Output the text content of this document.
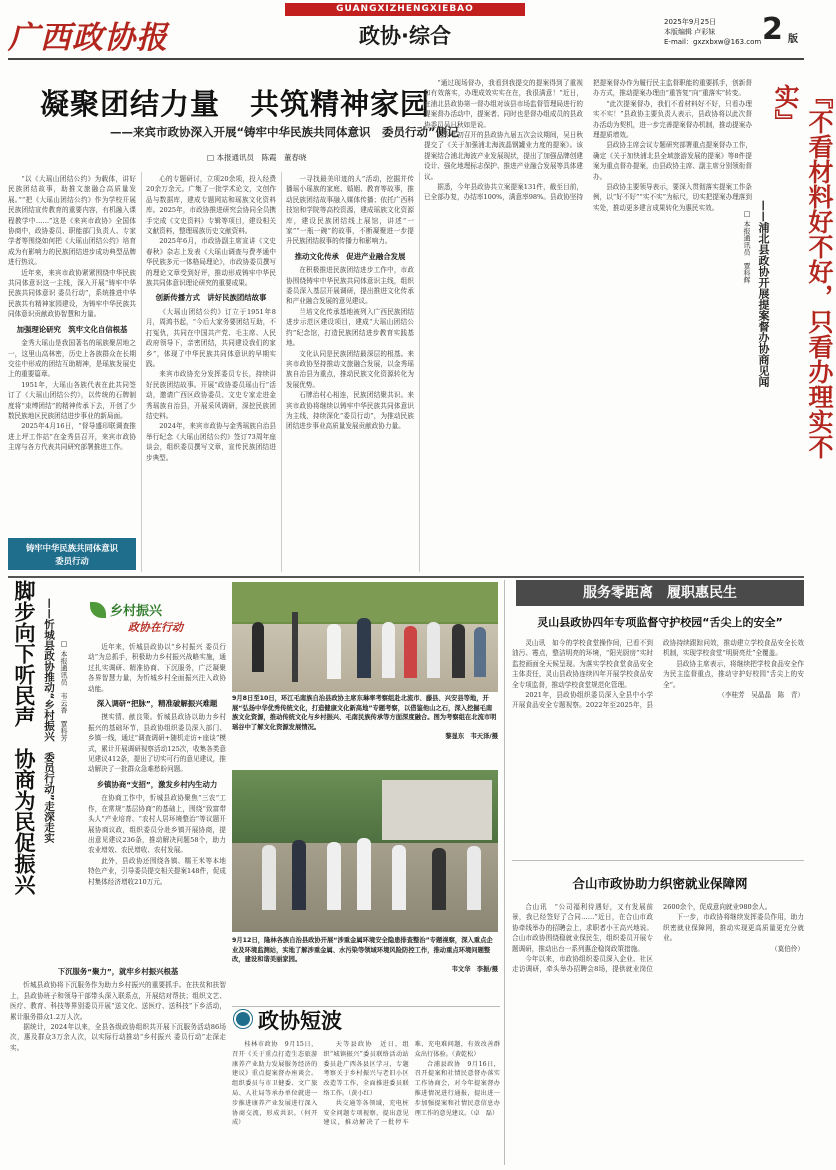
广西政协报
GUANGXIZHENGXIEBAO
政协·综合
2025年9月25日
本版编辑 卢彩妹
E-mail：gxzxbxw@163.com 2 版
凝聚团结力量　共筑精神家园
——来宾市政协深入开展“铸牢中华民族共同体意识　委员行动”侧记
□ 本报通讯员　陈霞　董春晓

“以《大瑶山团结公约》为载体，讲好民族团结故事，助推文旅融合高质量发展。”“把《大瑶山团结公约》作为学校开展民族团结宣传教育的重要内容，有机融入课程教学中……”这是《来宾市政协》全国体协商中，政协委员、职能部门负责人、专家学者等围绕如何把《大瑶山团结公约》培育成为有影响力的民族团结进步成功典型品牌进行热议。

近年来，来宾市政协紧紧围绕中华民族共同体意识这一主线，深入开展“铸牢中华民族共同体意识 委员行动”，系统推进中华民族共有精神家园建设，为铸牢中华民族共同体意识贡献政协智慧和力量。

加强理论研究　筑牢文化自信根基

金秀大瑶山是我国著名的瑶族聚居地之一，这里山高林密，历史上各族群众在长期交往中形成的团结互助精神，是瑶族发展史上的重要篇章。

1951年，大瑶山各族代表在此共同签订了《大瑶山团结公约》，以传统的石牌制度将“束缚团结”的精神传承下去，开创了少数民族地区民族团结进步事业的新局面。

2025年4月16日，“督导盛印联调查推进上坪工作站”在金秀县召开，来宾市政协主席与各方代表共同研究部署推进工作。

铸牢中华民族共同体意识
委员行动

心的专题研讨，立项20余项，投入经费20余万余元。广集了一批学术论文，文创作品与数据库，建成专题网站和瑶族文化资料库。2025年，市政协推进研究会协同全员携手完成《文史资料》专辑等项目，建设相关文献资料，整理瑶族历史文献资料。

2025年6月，市政协副主席宣讲《文史春秋》杂志上发表《大瑶山调查与费孝通中华民族多元一体格局理论》，市政协委员撰写的理论文章受到好评，推动形成铸牢中华民族共同体意识理论研究的重要成果。

创新传播方式　讲好民族团结故事

《大瑶山团结公约》订立于1951年8月，周鸿书起，“今后大家务要团结互助，不打冤仇，共同在中国共产党、毛主席、人民政府领导下，亲密团结，共同建设我们的家乡”，体现了中华民族共同体意识的早期实践。

来宾市政协充分发挥委员专长，持续讲好民族团结故事。开展“政协委员瑶山行”活动，邀请广西区政协委员、文史专家走进金秀瑶族自治县，开展采风调研，深挖民族团结史料。

2024年，来宾市政协与金秀瑶族自治县举行纪念《大瑶山团结公约》签订73周年座谈会，组织委员撰写文章，宣传民族团结进步典型。

一寻找最美印迹的人”活动，挖掘并传播瑶小瑶族的家庭、婚姻、教育等故事，推动民族团结故事融入媒体传播；依托广西科技馆和学院等高校资源，建成瑶族文化资源库，建设民族团结线上展馆，讲述“一家”“一瓶一碗”的故事，不断凝聚进一步提升民族团结叙事的传播力和影响力。

推动文化传承　促进产业融合发展

在积极推进民族团结进步工作中，市政协围绕铸牢中华民族共同体意识主线，组织委员深入基层开展调研，提出推进文化传承和产业融合发展的意见建议。

兰培文化传承基地被列入广西民族团结进步示范区建设项目，建成“大瑶山团结公约”纪念馆，打造民族团结进步教育实践基地。

文化认同是民族团结最深层的根基。来宾市政协坚持推动文旅融合发展，以金秀瑶族自治县为重点，推动民族文化资源转化为发展优势。

石牌治村心相连，民族团结聚共识。来宾市政协将继续以铸牢中华民族共同体意识为主线，持续深化“委员行动”，为推动民族团结进步事业高质量发展贡献政协力量。

“通过现场督办，我看到我提交的提案得到了重视和有效落实，办理成效实实在在，我很满意！”近日，在浦北县政协第一督办组对该县市场监督管理局进行的提案督办活动中，提案者、同时也是督办组成员的县政协委员吴日秋如是说。

在今年初召开的县政协九届五次会议期间，吴日秋提交了《关于加强浦北海波晶钢罐业力度的提案》。该提案结合浦北海波产业发展现状，提出了加强品牌创建设计、强化地理标志保护、推进产业融合发展等具体建议。

据悉，今年县政协共立案提案131件，截至目前，已全部办复，办结率100%，满意率98%。县政协坚持把提案督办作为履行民主监督职能的重要抓手，创新督办方式，推动提案办理由“重答复”向“重落实”转变。

“此次提案督办，我们不看材料好不好，只看办理实不实！”县政协主要负责人表示，县政协将以此次督办活动为契机，进一步完善提案督办机制，推动提案办理提质增效。

县政协主席会议专题研究部署重点提案督办工作，确定《关于加快浦北县全域旅游发展的提案》等8件提案为重点督办提案，由县政协主席、副主席分别领衔督办。

县政协主要领导表示，要深入贯彻落实提案工作条例，以“好不好”“实不实”为标尺，切实把提案办理落到实处，推动更多建言成果转化为惠民实效。	『不看材料好不好，只看办理实不实』
——浦北县政协开展提案督办协商见闻
□ 本报通讯员　覃科辉
脚步向下听民声　协商为民促振兴 ——忻城县政协推动“乡村振兴　委员行动”走深走实 □ 本报通讯员　韦云香　覃科芳
乡村振兴
政协在行动

近年来，忻城县政协以“乡村振兴 委员行动”为总抓手，积极助力乡村振兴战略实施，通过扎实调研、精准协商、下沉服务，广泛凝聚各界智慧力量，为忻城乡村全面振兴注入政协动能。

深入调研“把脉”，精准破解振兴难题

摸实情、献良策。忻城县政协以助力乡村振兴的基础环节，县政协组织委员深入部门、乡镇一线，通过“调查调研+随机走访+座谈”模式，累计开展调研视察活动125次，收集各类意见建议412条，提出了切实可行的意见建议，推动解决了一批群众急难愁盼问题。

乡镇协商“支招”，激发乡村内生动力

在协商工作中，忻城县政协聚焦“三农”工作，在常规“基层协商”的基础上，围绕“致富带头人”产业培育、“农村人居环境整治”等议题开展协商议政，组织委员分赴乡镇开展协商，提出意见建议236条，推动解决问题58个，助力农业增效、农民增收、农村发展。

此外，县政协还围绕各镇、糯王米等本地特色产业，引导委员提交相关提案148件，促成村集体经济增收210万元。

下沉服务“聚力”，就牢乡村振兴根基

忻城县政协将下沉服务作为助力乡村振兴的重要抓手。在扶贫和扶智上，县政协班子和领导干部带头深入联系点，开展结对帮扶；组织文艺、医疗、教育、科技等界别委员开展“送文化、送医疗、送科技”下乡活动，累计服务群众1.2万人次。

据统计，2024年以来，全县各级政协组织共开展下沉服务活动86场次，惠及群众3万余人次，以实际行动推动“乡村振兴 委员行动”走深走实。

9月8日至10日，环江毛南族自治县政协主席东琳率考察组赴北流市、藤县、兴安县等地，开展“弘扬中华优秀传统文化，打造健康文化新高地”专题考察，以借鉴他山之石，深入挖掘毛南族文化资源，推动传统文化与乡村振兴、毛南民族传承等方面深度融合。图为考察组在北流市明瑶谷中了解文化资源发展情况。
黎显东　韦天泽/摄
9月12日，隆林各族自治县政协开展“涉重金属环境安全隐患排查整治”专题视察，深入重点企业及环境监测站，实地了解涉重金属、水污染等领域环境风险防控工作，推动重点环境问题整改，建设和谐美丽家园。
韦文华　李振/摄
服务零距离　履职惠民生
灵山县政协四年专项监督守护校园“舌尖上的安全”

灵山讯　如今的学校食堂操作间，已看不到油污、霉点，整洁明亮的环境，“阳光厨房”实时监控画面全天候呈现。为落实学校食堂食品安全主体责任，灵山县政协连续四年开展学校食品安全专项监督，推动学校食堂规范化管理。

2021年，县政协组织委员深入全县中小学开展食品安全专题视察。2022年至2025年，县政协持续跟踪问效，推动建立学校食品安全长效机制，实现学校食堂“明厨亮灶”全覆盖。

县政协主席表示，将继续把学校食品安全作为民主监督重点，推动守护好校园“舌尖上的安全”。

（李桂芳　吴晶晶　陈　青）
合山市政协助力织密就业保障网

合山讯　“公司福利待遇好，又有发展前景，我已经签好了合同……”近日，在合山市政协牵线举办的招聘会上，求职者小王高兴地说。合山市政协围绕稳就业保民生，组织委员开展专题调研，推动出台一系列惠企稳岗政策措施。

今年以来，市政协组织委员深入企业、社区走访调研，牵头举办招聘会8场，提供就业岗位2600余个，促成意向就业980余人。

下一步，市政协将继续发挥委员作用，助力织密就业保障网，推动实现更高质量更充分就业。

（莫伯伶）
政协短波

桂林市政协　9月15日，召开《关于重点打造生态旅游康养产业助力发展服务经济的建议》重点提案督办座谈会。组织委员与市卫健委、文广旅局、人社局等承办单位就进一步推进康养产业发展进行深入协商交流，形成共识。（何开成）

天等县政协　近日，组织“城镇振兴”委员联络活动站委员赴广西各县区学习，专题考察关于乡村振兴与老旧小区改造等工作，全面推进委员联络工作。（黄小红）

共交通等各领域，充电桩安全问题专项视察，提出意见建议，推动解决了一批停车难、充电难问题，有效改善群众出行体验。（黄乾松）

合浦县政协　9月16日，召开提案和社情民意督办落实工作协商会，对今年提案督办推进情况进行通报，提出进一步加强提案和社情民意信息办理工作的意见建议。（卓　磊）
